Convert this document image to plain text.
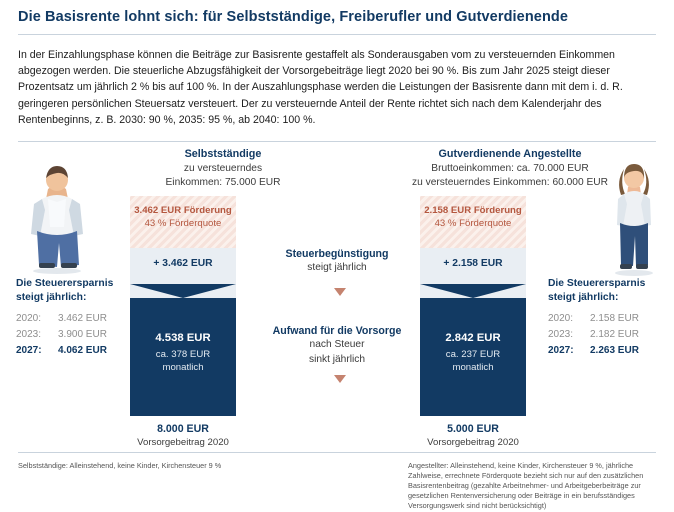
Die Basisrente lohnt sich: für Selbstständige, Freiberufler und Gutverdienende
In der Einzahlungsphase können die Beiträge zur Basisrente gestaffelt als Sonderausgaben vom zu versteuernden Einkommen abgezogen werden. Die steuerliche Abzugsfähigkeit der Vorsorgebeiträge liegt 2020 bei 90 %. Bis zum Jahr 2025 steigt dieser Prozentsatz um jährlich 2 % bis auf 100 %. In der Auszahlungsphase werden die Leistungen der Basisrente dann mit dem i. d. R. geringeren persönlichen Steuersatz versteuert. Der zu versteuernde Anteil der Rente richtet sich nach dem Kalenderjahr des Rentenbeginns, z. B. 2030: 90 %, 2035: 95 %, ab 2040: 100 %.
Selbstständige
zu versteuerndes
Einkommen: 75.000 EUR
Gutverdienende Angestellte
Bruttoeinkommen: ca. 70.000 EUR
zu versteuerndes Einkommen: 60.000 EUR
3.462 EUR Förderung
43 % Förderquote
+ 3.462 EUR
4.538 EUR
ca. 378 EUR
monatlich
8.000 EUR
Vorsorgebeitrag 2020
2.158 EUR Förderung
43 % Förderquote
+ 2.158 EUR
2.842 EUR
ca. 237 EUR
monatlich
5.000 EUR
Vorsorgebeitrag 2020
Steuerbegünstigung
steigt jährlich
Aufwand für die Vorsorge
nach Steuer
sinkt jährlich
Die Steuerersparnis
steigt jährlich:
2020:	3.462 EUR
2023:	3.900 EUR
2027:	4.062 EUR
Die Steuerersparnis
steigt jährlich:
2020:	2.158 EUR
2023:	2.182 EUR
2027:	2.263 EUR
Selbstständige: Alleinstehend, keine Kinder, Kirchensteuer 9 %	Angestellter: Alleinstehend, keine Kinder, Kirchensteuer 9 %, jährliche Zahlweise, errechnete Förderquote bezieht sich nur auf den zusätzlichen Basisrentenbeitrag (gezahlte Arbeitnehmer- und Arbeitgeberbeiträge zur gesetzlichen Rentenversicherung oder Beiträge in ein berufsständiges Versorgungswerk sind nicht berücksichtigt)
